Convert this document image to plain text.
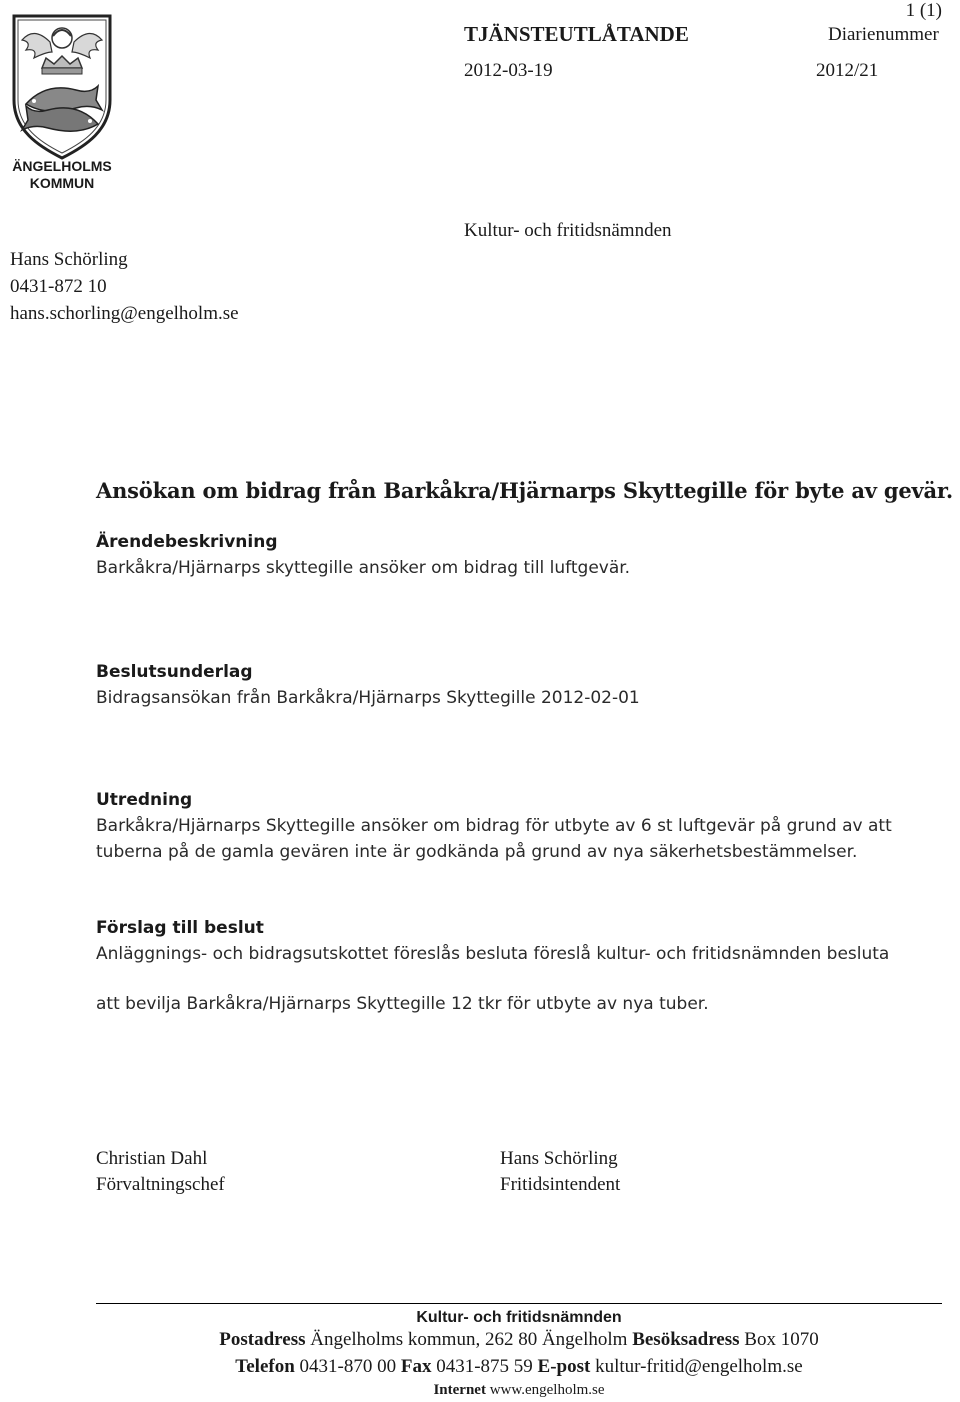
ÄNGELHOLMS KOMMUN
1 (1)
TJÄNSTEUTLÅTANDE	Diarienummer
2012-03-19	2012/21
Kultur- och fritidsnämnden
Hans Schörling
0431-872 10
hans.schorling@engelholm.se
Ansökan om bidrag från Barkåkra/Hjärnarps Skyttegille för byte av gevär.
Ärendebeskrivning
Barkåkra/Hjärnarps skyttegille ansöker om bidrag till luftgevär.
Beslutsunderlag
Bidragsansökan från Barkåkra/Hjärnarps Skyttegille 2012-02-01
Utredning
Barkåkra/Hjärnarps Skyttegille ansöker om bidrag för utbyte av 6 st luftgevär på grund av att
tuberna på de gamla gevären inte är godkända på grund av nya säkerhetsbestämmelser.
Förslag till beslut
Anläggnings- och bidragsutskottet föreslås besluta föreslå kultur- och fritidsnämnden besluta
att bevilja Barkåkra/Hjärnarps Skyttegille 12 tkr för utbyte av nya tuber.
Christian Dahl
Förvaltningschef
Hans Schörling
Fritidsintendent
Kultur- och fritidsnämnden
Postadress Ängelholms kommun, 262 80 Ängelholm Besöksadress Box 1070
Telefon 0431-870 00 Fax 0431-875 59 E-post kultur-fritid@engelholm.se
Internet www.engelholm.se
